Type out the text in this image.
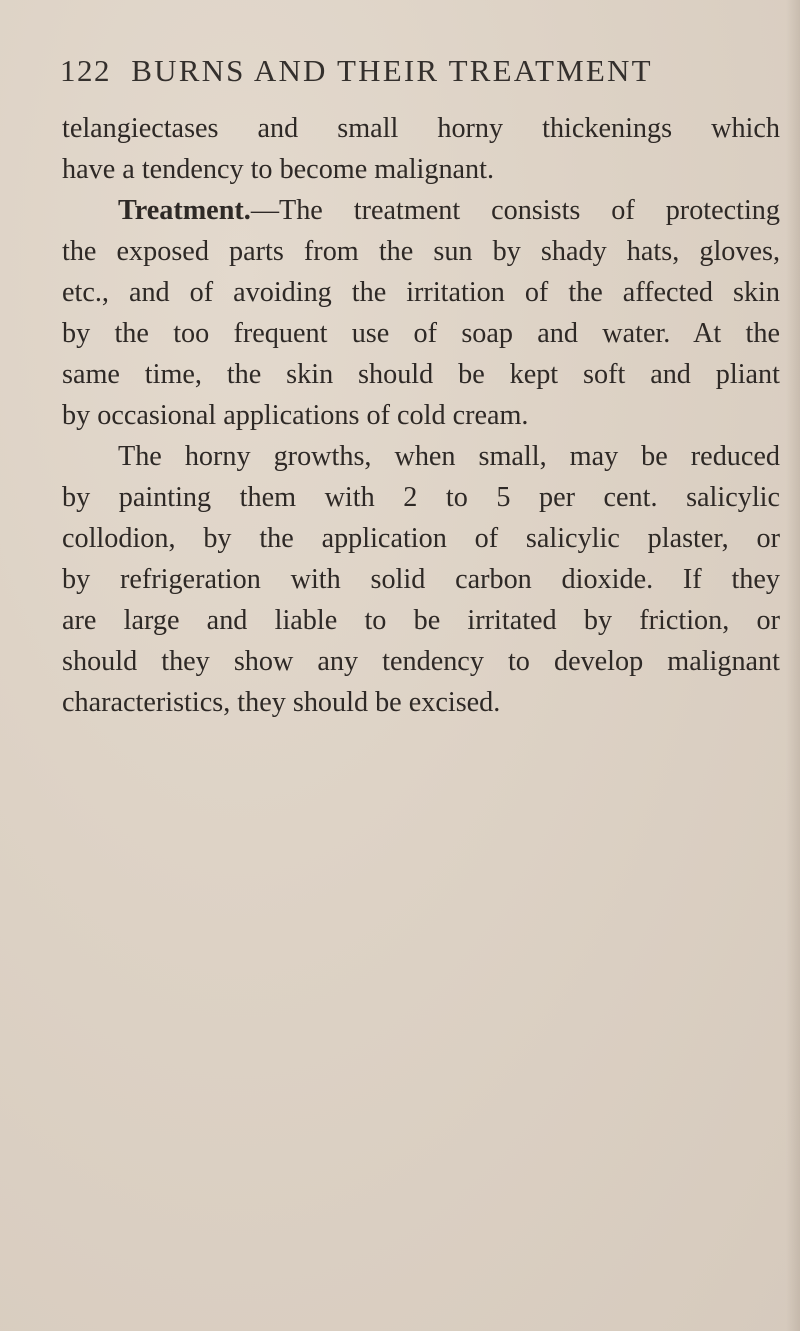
122 BURNS AND THEIR TREATMENT
telangiectases and small horny thickenings which
have a tendency to become malignant.
Treatment.—The treatment consists of protecting
the exposed parts from the sun by shady hats, gloves,
etc., and of avoiding the irritation of the affected skin
by the too frequent use of soap and water. At the
same time, the skin should be kept soft and pliant
by occasional applications of cold cream.
The horny growths, when small, may be reduced
by painting them with 2 to 5 per cent. salicylic
collodion, by the application of salicylic plaster, or
by refrigeration with solid carbon dioxide. If they
are large and liable to be irritated by friction, or
should they show any tendency to develop malignant
characteristics, they should be excised.
